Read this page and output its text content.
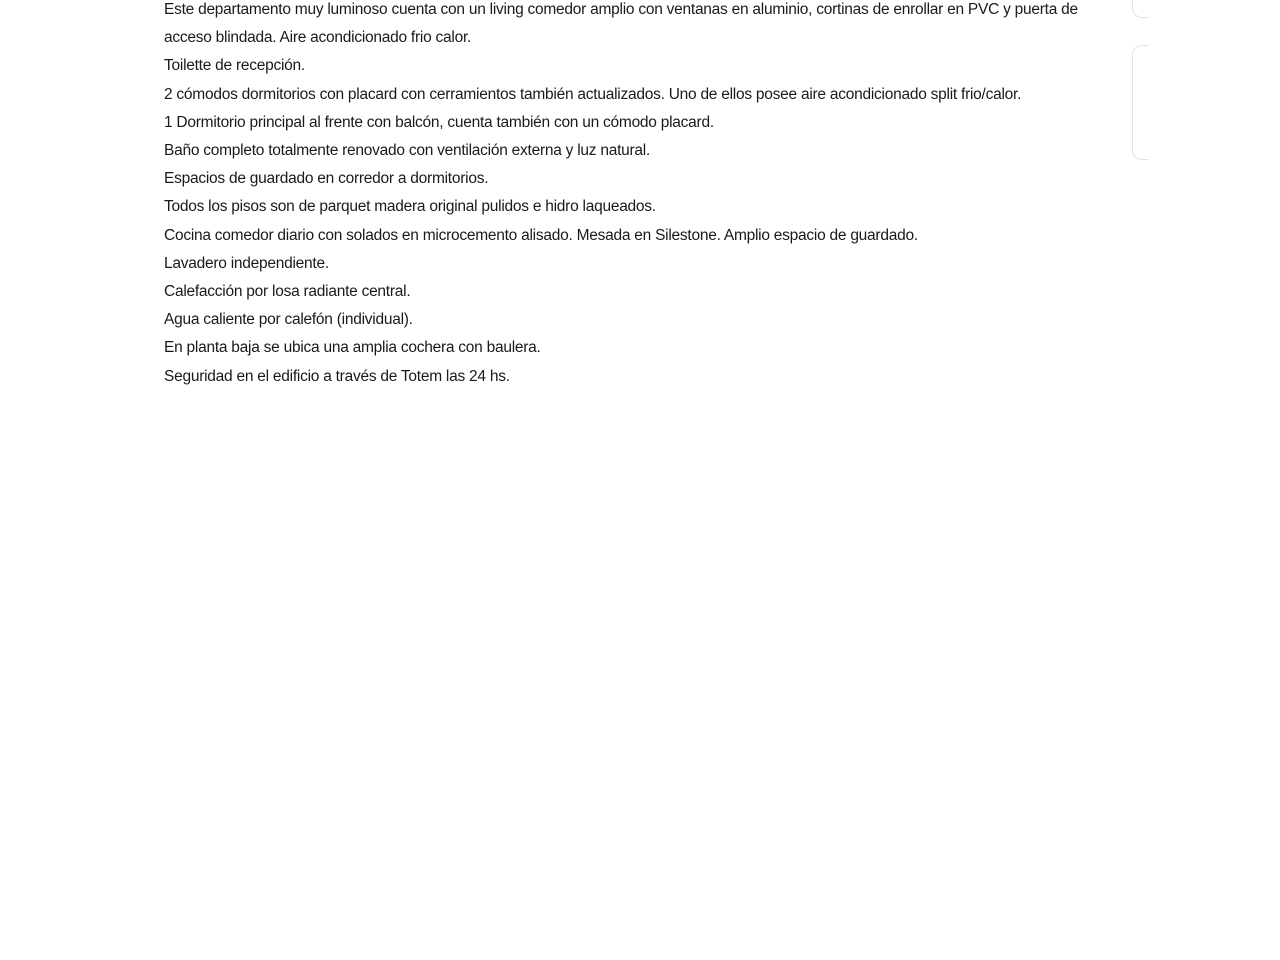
Este departamento muy luminoso cuenta con un living comedor amplio con ventanas en aluminio, cortinas de enrollar en PVC y puerta de acceso blindada. Aire acondicionado frio calor.
Toilette de recepción.
2 cómodos dormitorios con placard con cerramientos también actualizados. Uno de ellos posee aire acondicionado split frio/calor.
1 Dormitorio principal al frente con balcón, cuenta también con un cómodo placard.
Baño completo totalmente renovado con ventilación externa y luz natural.
Espacios de guardado en corredor a dormitorios.
Todos los pisos son de parquet madera original pulidos e hidro laqueados.
Cocina comedor diario con solados en microcemento alisado. Mesada en Silestone. Amplio espacio de guardado.
Lavadero independiente.
Calefacción por losa radiante central.
Agua caliente por calefón (individual).
En planta baja se ubica una amplia cochera con baulera.
Seguridad en el edificio a través de Totem las 24 hs.
